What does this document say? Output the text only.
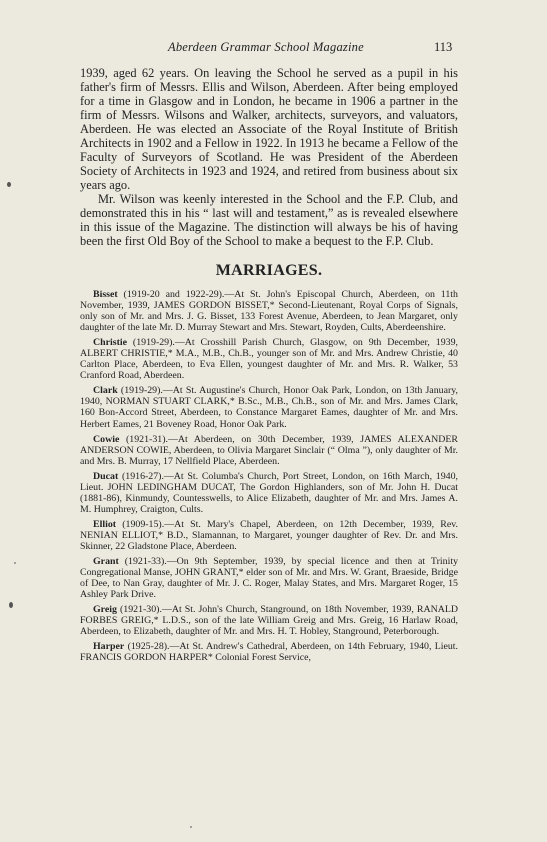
Aberdeen Grammar School Magazine	113

1939, aged 62 years. On leaving the School he served as a pupil in his father's firm of Messrs. Ellis and Wilson, Aberdeen. After being employed for a time in Glasgow and in London, he became in 1906 a partner in the firm of Messrs. Wilsons and Walker, architects, surveyors, and valuators, Aberdeen. He was elected an Associate of the Royal Institute of British Architects in 1902 and a Fellow in 1922. In 1913 he became a Fellow of the Faculty of Surveyors of Scotland. He was President of the Aberdeen Society of Architects in 1923 and 1924, and retired from business about six years ago.

Mr. Wilson was keenly interested in the School and the F.P. Club, and demonstrated this in his “ last will and testament,” as is revealed elsewhere in this issue of the Magazine. The distinction will always be his of having been the first Old Boy of the School to make a bequest to the F.P. Club.

MARRIAGES.

Bisset (1919-20 and 1922-29).—At St. John's Episcopal Church, Aberdeen, on 11th November, 1939, JAMES GORDON BISSET,* Second-Lieutenant, Royal Corps of Signals, only son of Mr. and Mrs. J. G. Bisset, 133 Forest Avenue, Aberdeen, to Jean Margaret, only daughter of the late Mr. D. Murray Stewart and Mrs. Stewart, Royden, Cults, Aberdeenshire.

Christie (1919-29).—At Crosshill Parish Church, Glasgow, on 9th December, 1939, ALBERT CHRISTIE,* M.A., M.B., Ch.B., younger son of Mr. and Mrs. Andrew Christie, 40 Carlton Place, Aberdeen, to Eva Ellen, youngest daughter of Mr. and Mrs. R. Walker, 53 Cranford Road, Aberdeen.

Clark (1919-29).—At St. Augustine's Church, Honor Oak Park, London, on 13th January, 1940, NORMAN STUART CLARK,* B.Sc., M.B., Ch.B., son of Mr. and Mrs. James Clark, 160 Bon-Accord Street, Aberdeen, to Constance Margaret Eames, daughter of Mr. and Mrs. Herbert Eames, 21 Boveney Road, Honor Oak Park.

Cowie (1921-31).—At Aberdeen, on 30th December, 1939, JAMES ALEXANDER ANDERSON COWIE, Aberdeen, to Olivia Margaret Sinclair (“ Olma ”), only daughter of Mr. and Mrs. B. Murray, 17 Nellfield Place, Aberdeen.

Ducat (1916-27).—At St. Columba's Church, Port Street, London, on 16th March, 1940, Lieut. JOHN LEDINGHAM DUCAT, The Gordon Highlanders, son of Mr. John H. Ducat (1881-86), Kinmundy, Countesswells, to Alice Elizabeth, daughter of Mr. and Mrs. James A. M. Humphrey, Craigton, Cults.

Elliot (1909-15).—At St. Mary's Chapel, Aberdeen, on 12th December, 1939, Rev. NENIAN ELLIOT,* B.D., Slamannan, to Margaret, younger daughter of Rev. Dr. and Mrs. Skinner, 22 Gladstone Place, Aberdeen.

Grant (1921-33).—On 9th September, 1939, by special licence and then at Trinity Congregational Manse, JOHN GRANT,* elder son of Mr. and Mrs. W. Grant, Braeside, Bridge of Dee, to Nan Gray, daughter of Mr. J. C. Roger, Malay States, and Mrs. Margaret Roger, 15 Ashley Park Drive.

Greig (1921-30).—At St. John's Church, Stanground, on 18th November, 1939, RANALD FORBES GREIG,* L.D.S., son of the late William Greig and Mrs. Greig, 16 Harlaw Road, Aberdeen, to Elizabeth, daughter of Mr. and Mrs. H. T. Hobley, Stanground, Peterborough.

Harper (1925-28).—At St. Andrew's Cathedral, Aberdeen, on 14th February, 1940, Lieut. FRANCIS GORDON HARPER* Colonial Forest Service,
